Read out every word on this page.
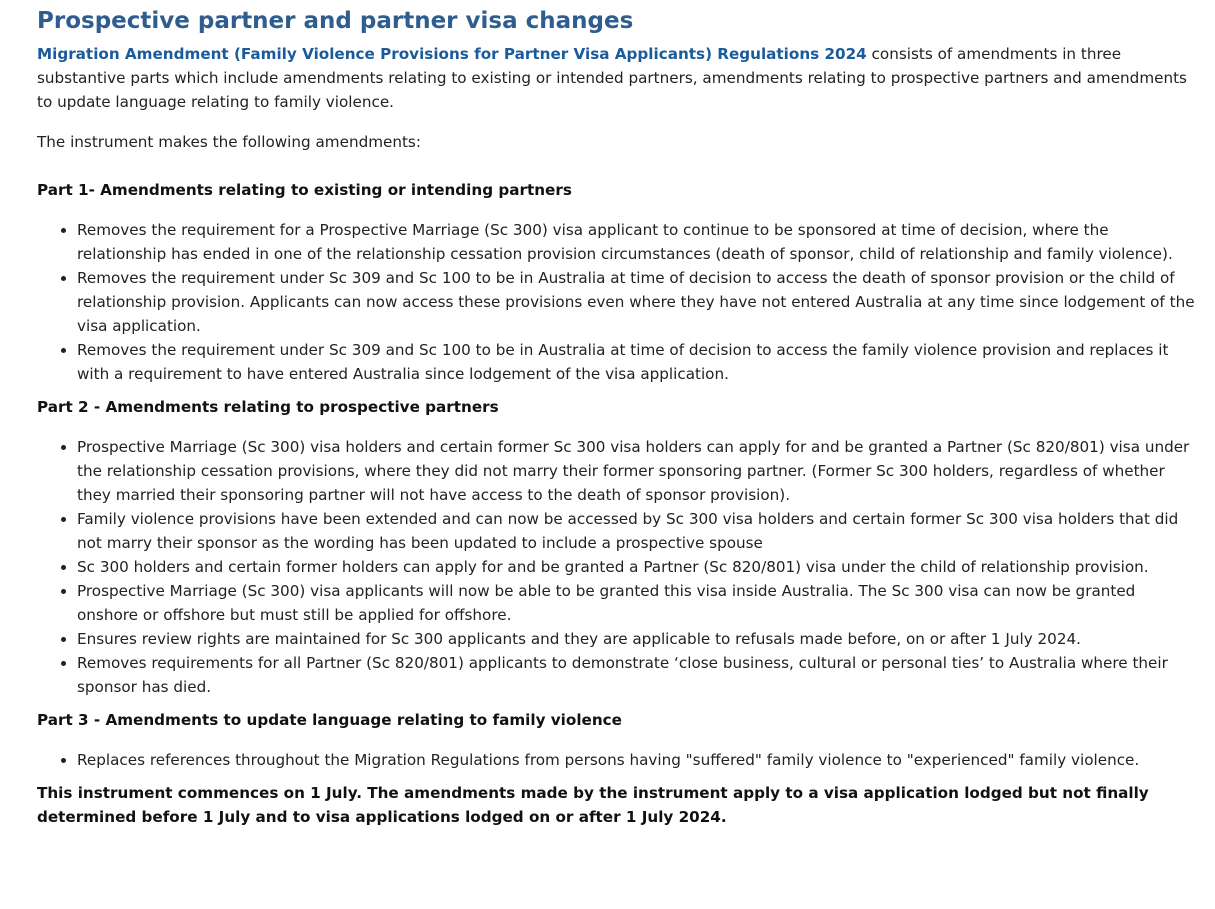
Prospective partner and partner visa changes

Migration Amendment (Family Violence Provisions for Partner Visa Applicants) Regulations 2024 consists of amendments in three substantive parts which include amendments relating to existing or intended partners, amendments relating to prospective partners and amendments to update language relating to family violence.

The instrument makes the following amendments:

Part 1- Amendments relating to existing or intending partners
Removes the requirement for a Prospective Marriage (Sc 300) visa applicant to continue to be sponsored at time of decision, where the relationship has ended in one of the relationship cessation provision circumstances (death of sponsor, child of relationship and family violence).
Removes the requirement under Sc 309 and Sc 100 to be in Australia at time of decision to access the death of sponsor provision or the child of relationship provision. Applicants can now access these provisions even where they have not entered Australia at any time since lodgement of the visa application.
Removes the requirement under Sc 309 and Sc 100 to be in Australia at time of decision to access the family violence provision and replaces it with a requirement to have entered Australia since lodgement of the visa application.
Part 2 - Amendments relating to prospective partners
Prospective Marriage (Sc 300) visa holders and certain former Sc 300 visa holders can apply for and be granted a Partner (Sc 820/801) visa under the relationship cessation provisions, where they did not marry their former sponsoring partner. (Former Sc 300 holders, regardless of whether they married their sponsoring partner will not have access to the death of sponsor provision).
Family violence provisions have been extended and can now be accessed by Sc 300 visa holders and certain former Sc 300 visa holders that did not marry their sponsor as the wording has been updated to include a prospective spouse
Sc 300 holders and certain former holders can apply for and be granted a Partner (Sc 820/801) visa under the child of relationship provision.
Prospective Marriage (Sc 300) visa applicants will now be able to be granted this visa inside Australia. The Sc 300 visa can now be granted onshore or offshore but must still be applied for offshore.
Ensures review rights are maintained for Sc 300 applicants and they are applicable to refusals made before, on or after 1 July 2024.
Removes requirements for all Partner (Sc 820/801) applicants to demonstrate ‘close business, cultural or personal ties’ to Australia where their sponsor has died.
Part 3 - Amendments to update language relating to family violence
Replaces references throughout the Migration Regulations from persons having "suffered" family violence to "experienced" family violence.

This instrument commences on 1 July. The amendments made by the instrument apply to a visa application lodged but not finally determined before 1 July and to visa applications lodged on or after 1 July 2024.
